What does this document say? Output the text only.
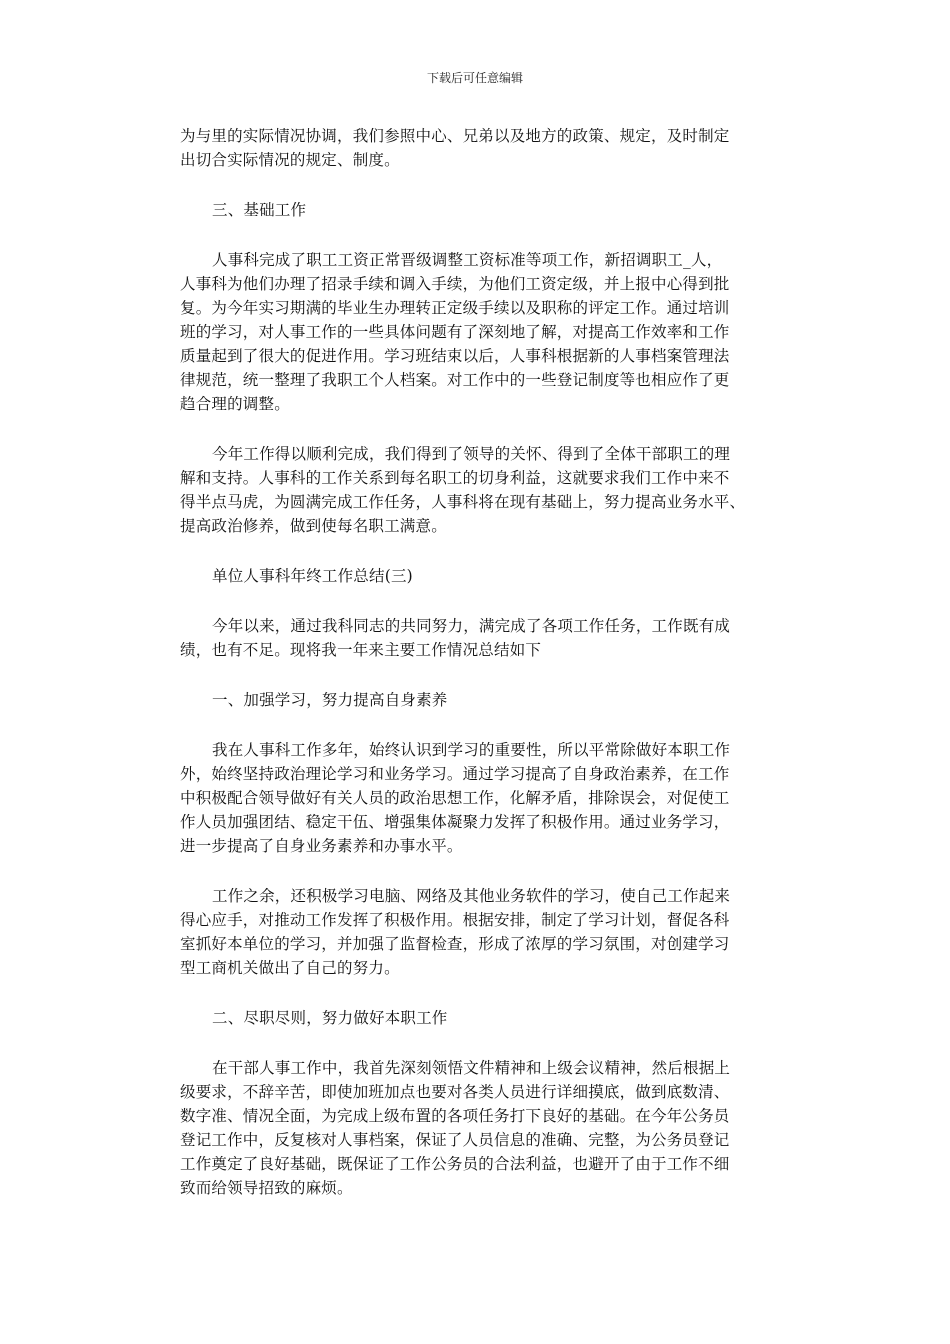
下载后可任意编辑

为与里的实际情况协调，我们参照中心、兄弟以及地方的政策、规定，及时制定
出切合实际情况的规定、制度。

三、基础工作

人事科完成了职工工资正常晋级调整工资标准等项工作，新招调职工_人，
人事科为他们办理了招录手续和调入手续，为他们工资定级，并上报中心得到批
复。为今年实习期满的毕业生办理转正定级手续以及职称的评定工作。通过培训
班的学习，对人事工作的一些具体问题有了深刻地了解，对提高工作效率和工作
质量起到了很大的促进作用。学习班结束以后，人事科根据新的人事档案管理法
律规范，统一整理了我职工个人档案。对工作中的一些登记制度等也相应作了更
趋合理的调整。

今年工作得以顺利完成，我们得到了领导的关怀、得到了全体干部职工的理
解和支持。人事科的工作关系到每名职工的切身利益，这就要求我们工作中来不
得半点马虎，为圆满完成工作任务，人事科将在现有基础上，努力提高业务水平、
提高政治修养，做到使每名职工满意。

单位人事科年终工作总结(三)

今年以来，通过我科同志的共同努力，满完成了各项工作任务，工作既有成
绩，也有不足。现将我一年来主要工作情况总结如下

一、加强学习，努力提高自身素养

我在人事科工作多年，始终认识到学习的重要性，所以平常除做好本职工作
外，始终坚持政治理论学习和业务学习。通过学习提高了自身政治素养，在工作
中积极配合领导做好有关人员的政治思想工作，化解矛盾，排除误会，对促使工
作人员加强团结、稳定干伍、增强集体凝聚力发挥了积极作用。通过业务学习，
进一步提高了自身业务素养和办事水平。

工作之余，还积极学习电脑、网络及其他业务软件的学习，使自己工作起来
得心应手，对推动工作发挥了积极作用。根据安排，制定了学习计划，督促各科
室抓好本单位的学习，并加强了监督检查，形成了浓厚的学习氛围，对创建学习
型工商机关做出了自己的努力。

二、尽职尽则，努力做好本职工作

在干部人事工作中，我首先深刻领悟文件精神和上级会议精神，然后根据上
级要求，不辞辛苦，即使加班加点也要对各类人员进行详细摸底，做到底数清、
数字准、情况全面，为完成上级布置的各项任务打下良好的基础。在今年公务员
登记工作中，反复核对人事档案，保证了人员信息的准确、完整，为公务员登记
工作奠定了良好基础，既保证了工作公务员的合法利益，也避开了由于工作不细
致而给领导招致的麻烦。
